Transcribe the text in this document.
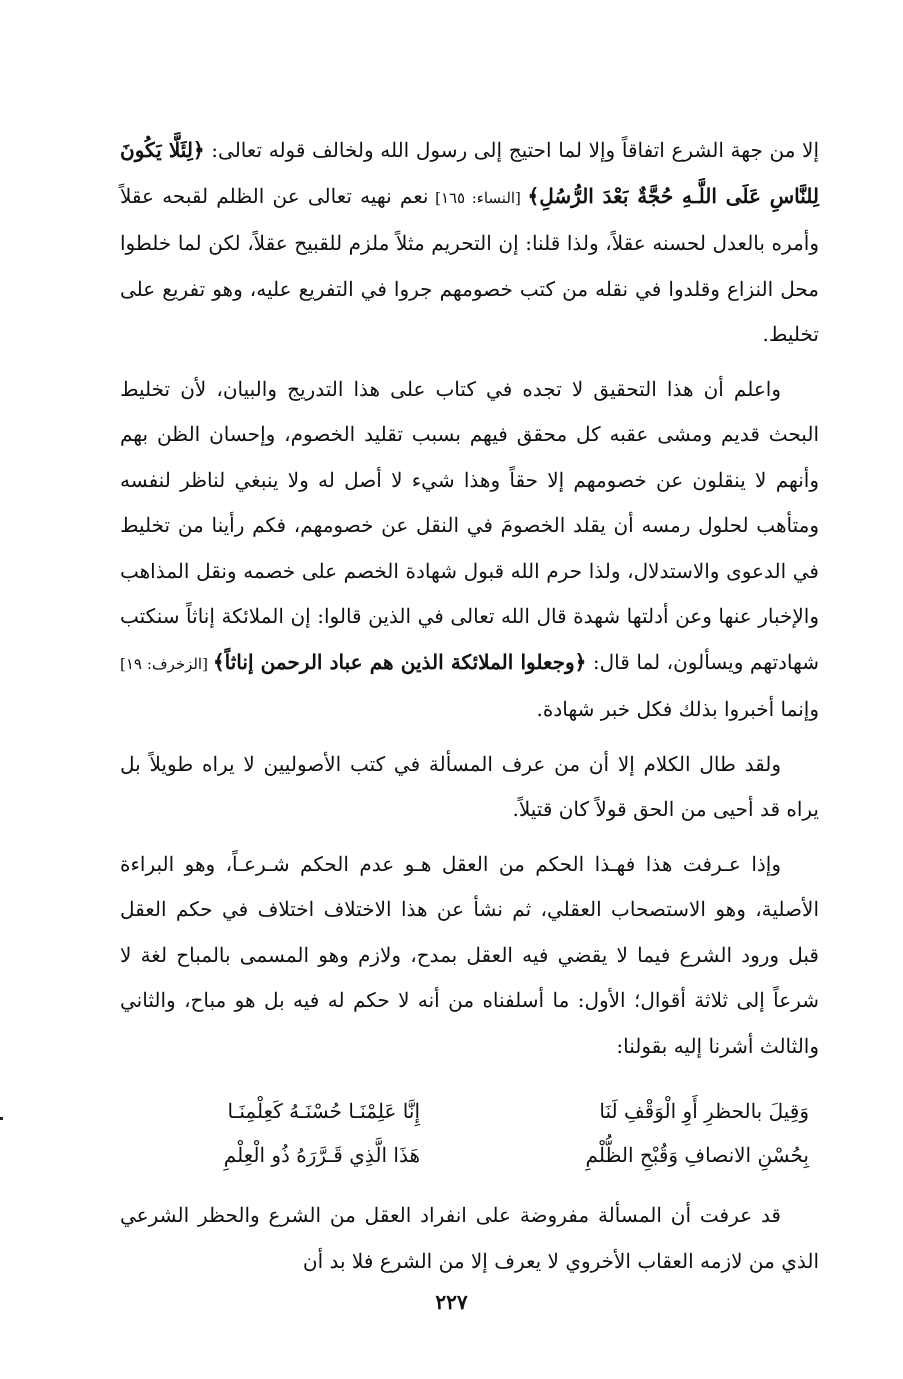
إلا من جهة الشرع اتفاقاً وإلا لما احتيج إلى رسول الله ولخالف قوله تعالى: ﴿لِئَلَّا يَكُونَ لِلنَّاسِ عَلَى اللَّـهِ حُجَّةٌ بَعْدَ الرُّسُلِ﴾ [النساء: ١٦٥] نعم نهيه تعالى عن الظلم لقبحه عقلاً وأمره بالعدل لحسنه عقلاً، ولذا قلنا: إن التحريم مثلاً ملزم للقبيح عقلاً، لكن لما خلطوا محل النزاع وقلدوا في نقله من كتب خصومهم جروا في التفريع عليه، وهو تفريع على تخليط.

واعلم أن هذا التحقيق لا تجده في كتاب على هذا التدريج والبيان، لأن تخليط البحث قديم ومشى عقبه كل محقق فيهم بسبب تقليد الخصوم، وإحسان الظن بهم وأنهم لا ينقلون عن خصومهم إلا حقاً وهذا شيء لا أصل له ولا ينبغي لناظر لنفسه ومتأهب لحلول رمسه أن يقلد الخصومَ في النقل عن خصومهم، فكم رأينا من تخليط في الدعوى والاستدلال، ولذا حرم الله قبول شهادة الخصم على خصمه ونقل المذاهب والإخبار عنها وعن أدلتها شهدة قال الله تعالى في الذين قالوا: إن الملائكة إناثاً سنكتب شهادتهم ويسألون، لما قال: ﴿وجعلوا الملائكة الذين هم عباد الرحمن إناثاً﴾ [الزخرف: ١٩] وإنما أخبروا بذلك فكل خبر شهادة.

ولقد طال الكلام إلا أن من عرف المسألة في كتب الأصوليين لا يراه طويلاً بل يراه قد أحيى من الحق قولاً كان قتيلاً.

وإذا عـرفت هذا فهـذا الحكم من العقل هـو عدم الحكم شـرعـاً، وهو البراءة الأصلية، وهو الاستصحاب العقلي، ثم نشأ عن هذا الاختلاف اختلاف في حكم العقل قبل ورود الشرع فيما لا يقضي فيه العقل بمدح، ولازم وهو المسمى بالمباح لغة لا شرعاً إلى ثلاثة أقوال؛ الأول: ما أسلفناه من أنه لا حكم له فيه بل هو مباح، والثاني والثالث أشرنا إليه بقولنا:

وَقِيلَ بالحظرِ أَوِ الْوَقْفِ لَنَا
إِنَّا عَلِمْنَـا حُسْنَـهُ كَعِلْمِنَـا
بِحُسْنِ الانصافِ وَقُبْحِ الظُّلْمِ
هَذَا الَّذِي قَـرَّرَهُ ذُو الْعِلْمِ

قد عرفت أن المسألة مفروضة على انفراد العقل من الشرع والحظر الشرعي الذي من لازمه العقاب الأخروي لا يعرف إلا من الشرع فلا بد أن

٢٢٧
